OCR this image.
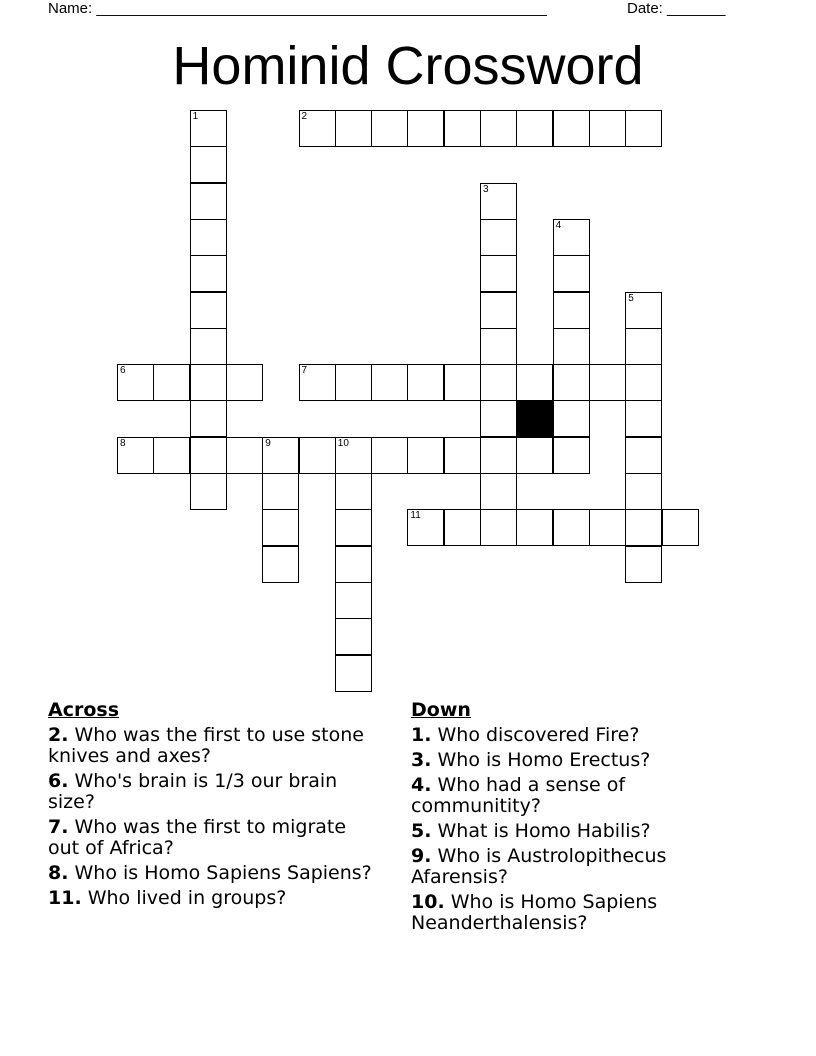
Name: ______________________________________________________	Date: _______
Hominid Crossword
1	2
3
4
5
6	7
8	9	10
11
Across
2. Who was the first to use stone knives and axes?
6. Who's brain is 1/3 our brain size?
7. Who was the first to migrate out of Africa?
8. Who is Homo Sapiens Sapiens?
11. Who lived in groups?
Down
1. Who discovered Fire?
3. Who is Homo Erectus?
4. Who had a sense of communitity?
5. What is Homo Habilis?
9. Who is Austrolopithecus Afarensis?
10. Who is Homo Sapiens Neanderthalensis?
